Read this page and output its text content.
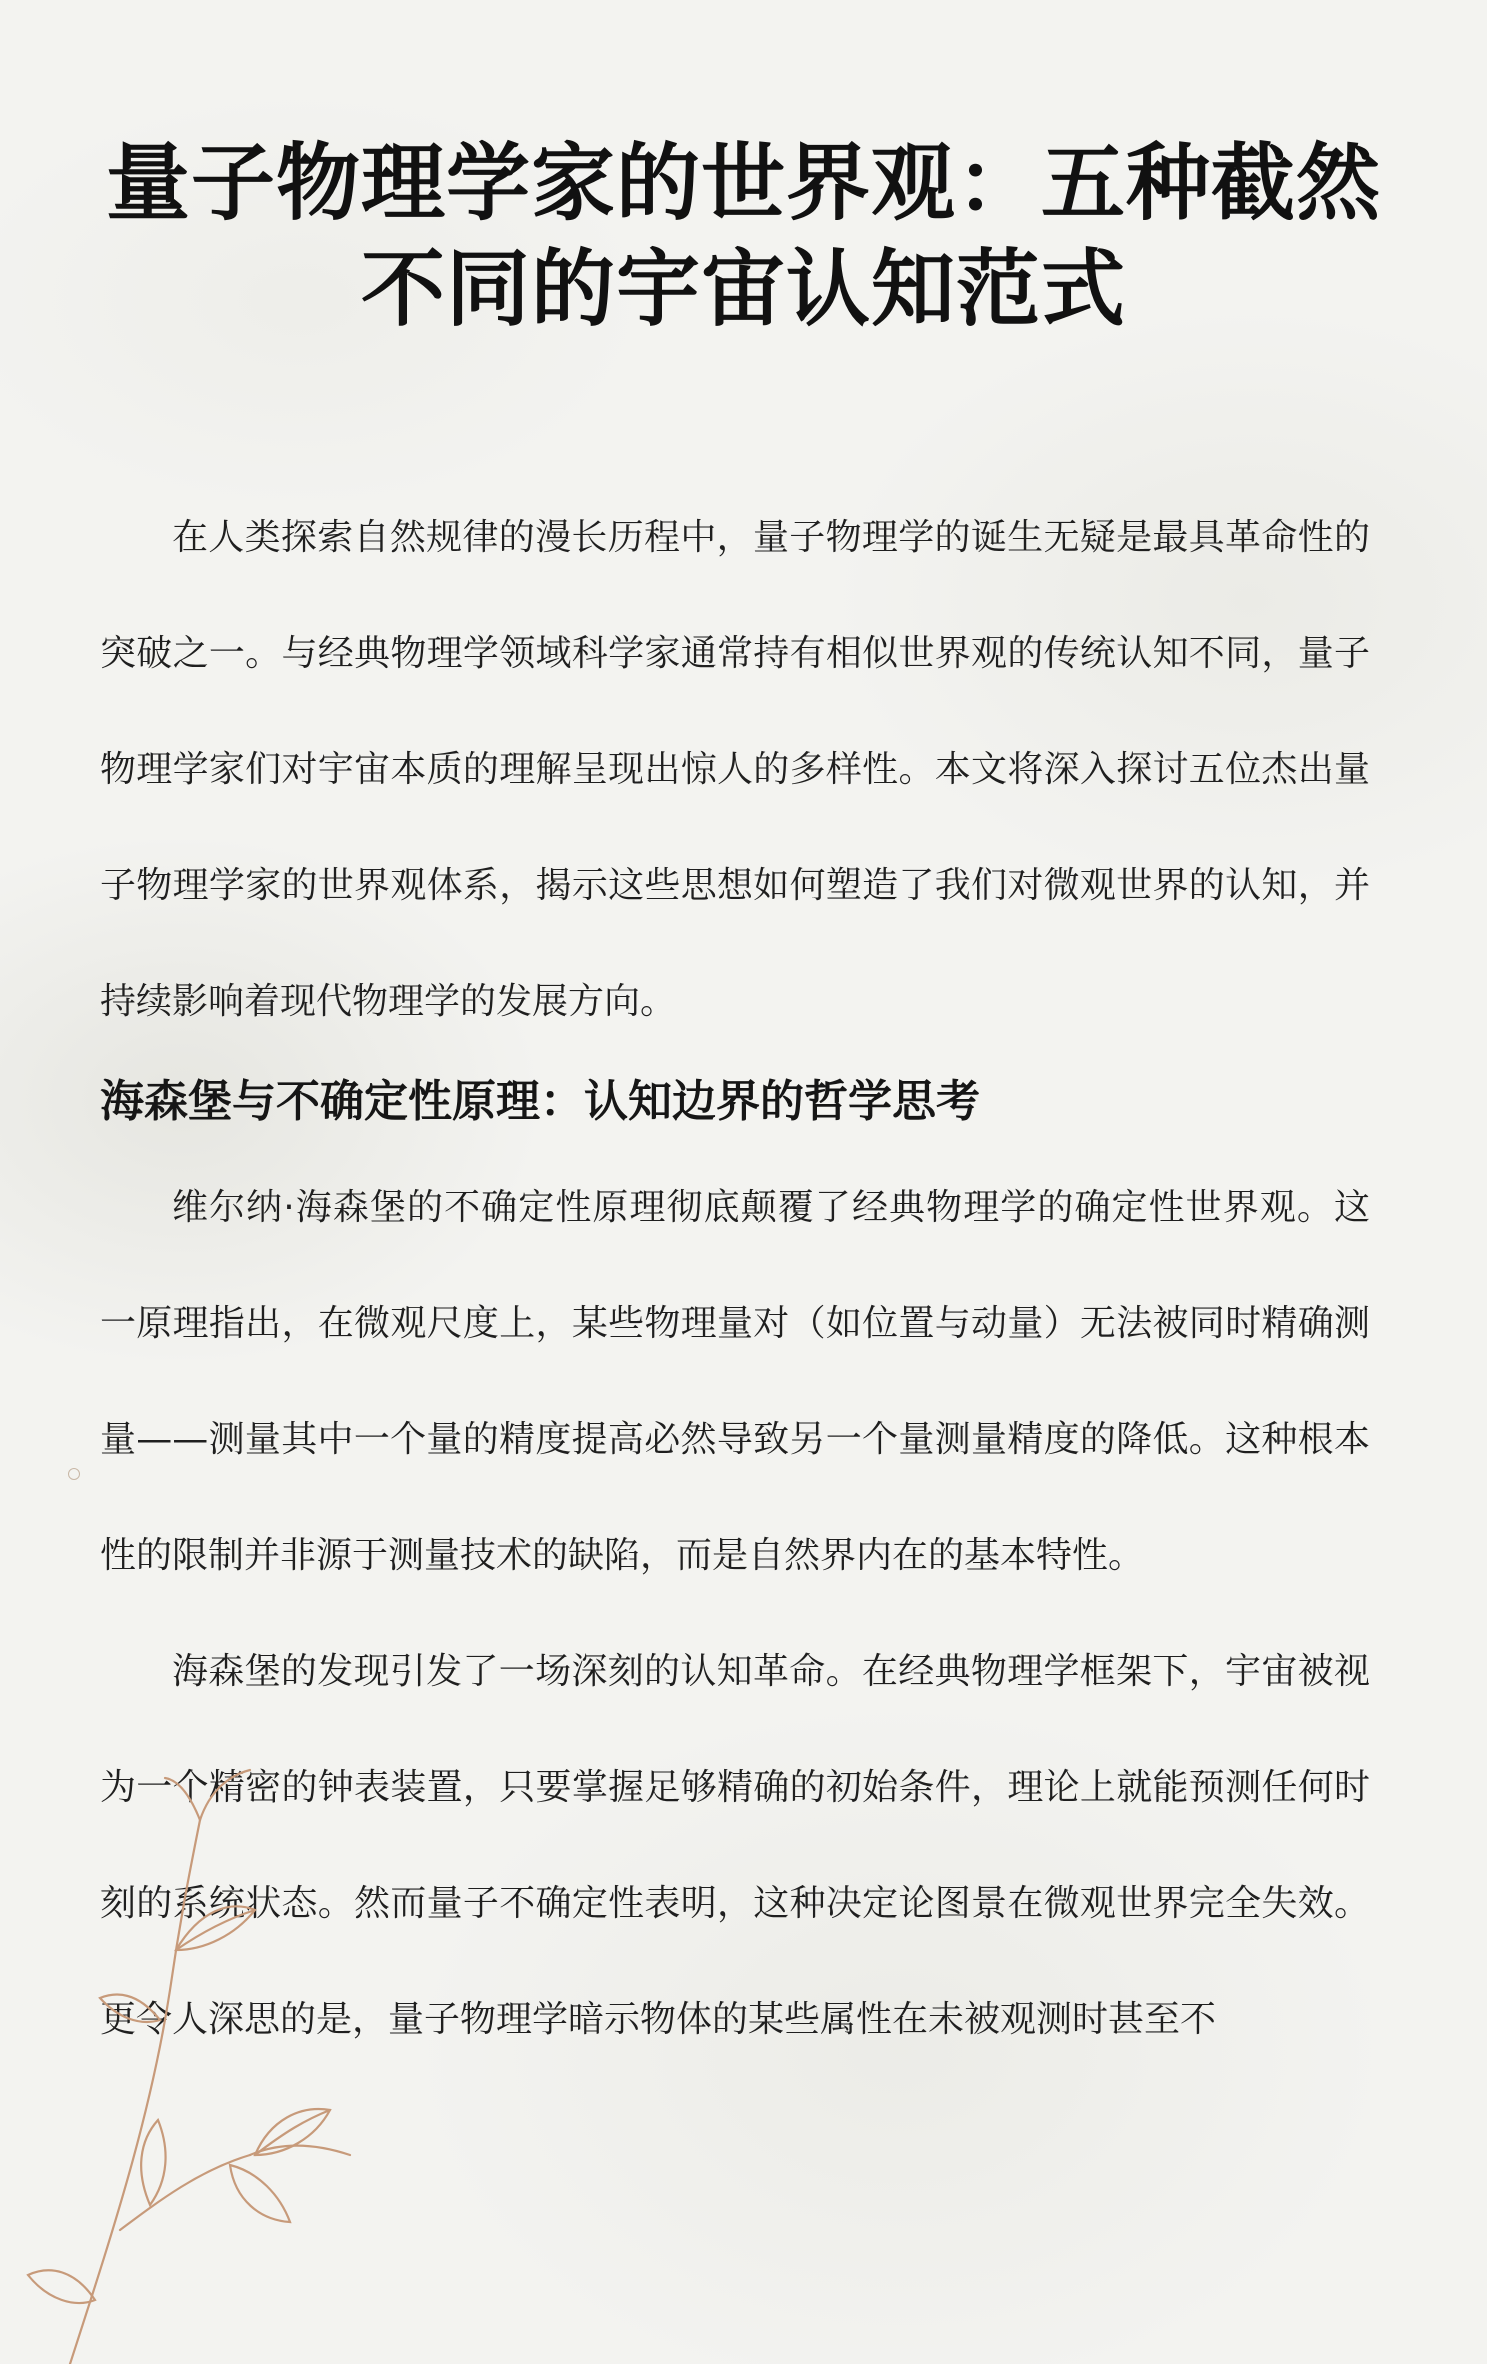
量子物理学家的世界观：五种截然不同的宇宙认知范式

在人类探索自然规律的漫长历程中，量子物理学的诞生无疑是最具革命性的突破之一。与经典物理学领域科学家通常持有相似世界观的传统认知不同，量子物理学家们对宇宙本质的理解呈现出惊人的多样性。本文将深入探讨五位杰出量子物理学家的世界观体系，揭示这些思想如何塑造了我们对微观世界的认知，并持续影响着现代物理学的发展方向。

海森堡与不确定性原理：认知边界的哲学思考

维尔纳·海森堡的不确定性原理彻底颠覆了经典物理学的确定性世界观。这一原理指出，在微观尺度上，某些物理量对（如位置与动量）无法被同时精确测量——测量其中一个量的精度提高必然导致另一个量测量精度的降低。这种根本性的限制并非源于测量技术的缺陷，而是自然界内在的基本特性。

海森堡的发现引发了一场深刻的认知革命。在经典物理学框架下，宇宙被视为一个精密的钟表装置，只要掌握足够精确的初始条件，理论上就能预测任何时刻的系统状态。然而量子不确定性表明，这种决定论图景在微观世界完全失效。更令人深思的是，量子物理学暗示物体的某些属性在未被观测时甚至不
